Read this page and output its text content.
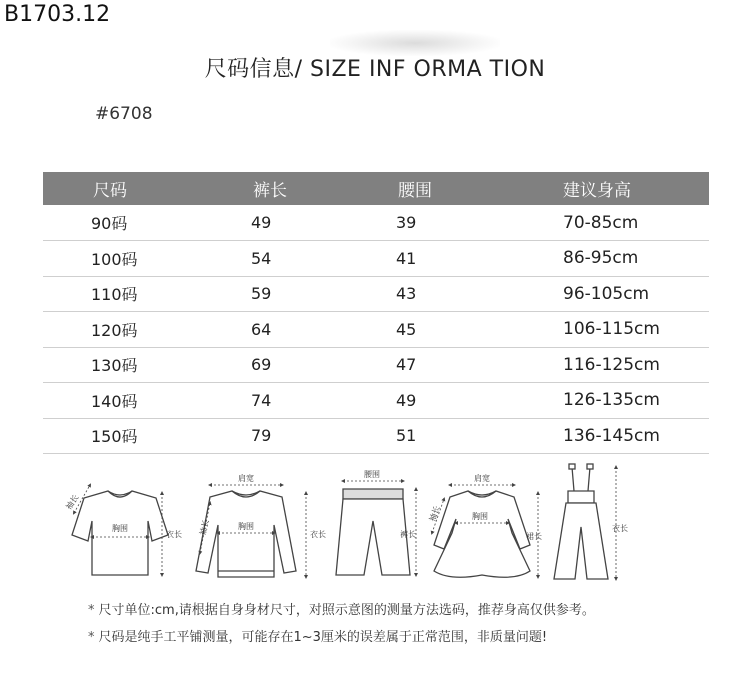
B1703.12
尺码信息/ SIZE INF ORMA TION
#6708
尺码	裤长	腰围	建议身高
90码	49	39	70-85cm
100码	54	41	86-95cm
110码	59	43	96-105cm
120码	64	45	106-115cm
130码	69	47	116-125cm
140码	74	49	126-135cm
150码	79	51	136-145cm
胸围
衣长
袖长
肩宽
胸围
衣长
袖长
腰围
裤长
肩宽
胸围
裙长
袖长
衣长
* 尺寸单位:cm,请根据自身身材尺寸，对照示意图的测量方法选码，推荐身高仅供参考。
* 尺码是纯手工平铺测量，可能存在1~3厘米的误差属于正常范围，非质量问题!
